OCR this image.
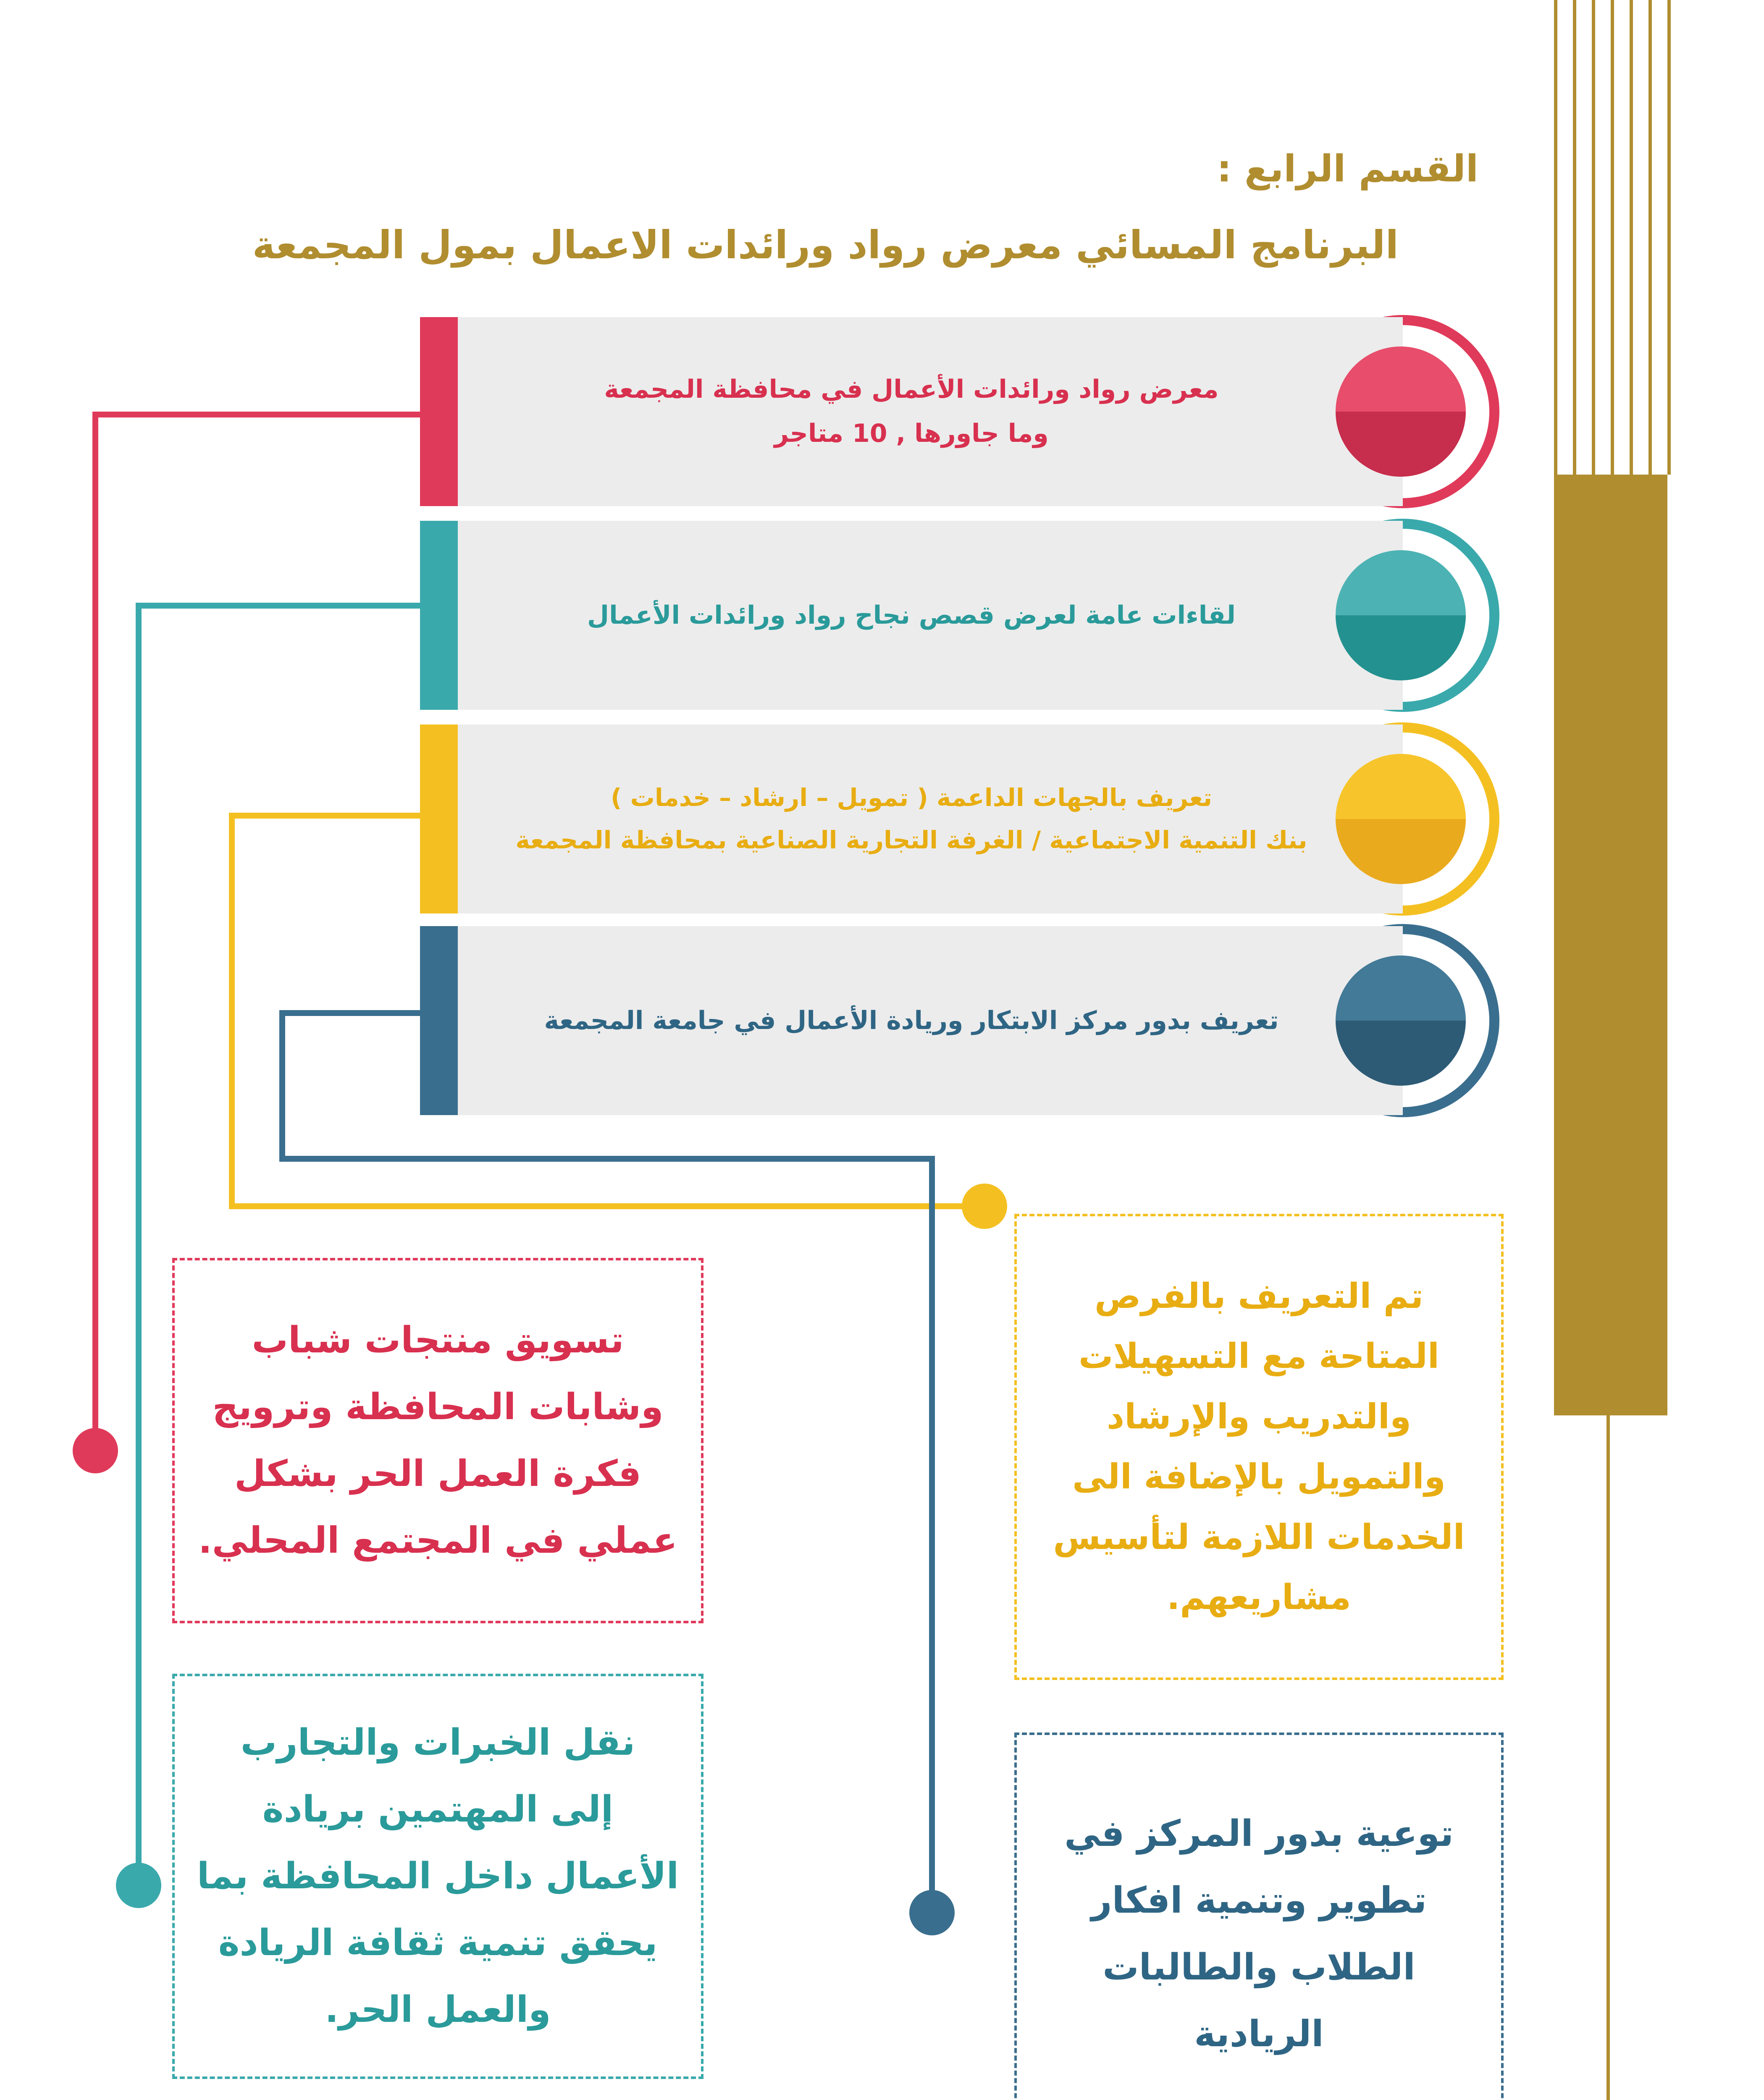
القسم الرابع :
البرنامج المسائي معرض رواد ورائدات الاعمال بمول المجمعة
معرض رواد ورائدات الأعمال في محافظة المجمعة
وما جاورها , 10 متاجر
لقاءات عامة لعرض قصص نجاح رواد ورائدات الأعمال
تعريف بالجهات الداعمة ( تمويل – ارشاد – خدمات )
بنك التنمية الاجتماعية / الغرفة التجارية الصناعية بمحافظة المجمعة
تعريف بدور مركز الابتكار وريادة الأعمال في جامعة المجمعة
تسويق منتجات شباب
وشابات المحافظة وترويج
فكرة العمل الحر بشكل
عملي في المجتمع المحلي.
نقل الخبرات والتجارب
إلى المهتمين بريادة
الأعمال داخل المحافظة بما
يحقق تنمية ثقافة الريادة
والعمل الحر.
تم التعريف بالفرص
المتاحة مع التسهيلات
والتدريب والإرشاد
والتمويل بالإضافة الى
الخدمات اللازمة لتأسيس
مشاريعهم.
توعية بدور المركز في
تطوير وتنمية افكار
الطلاب والطالبات
الريادية
